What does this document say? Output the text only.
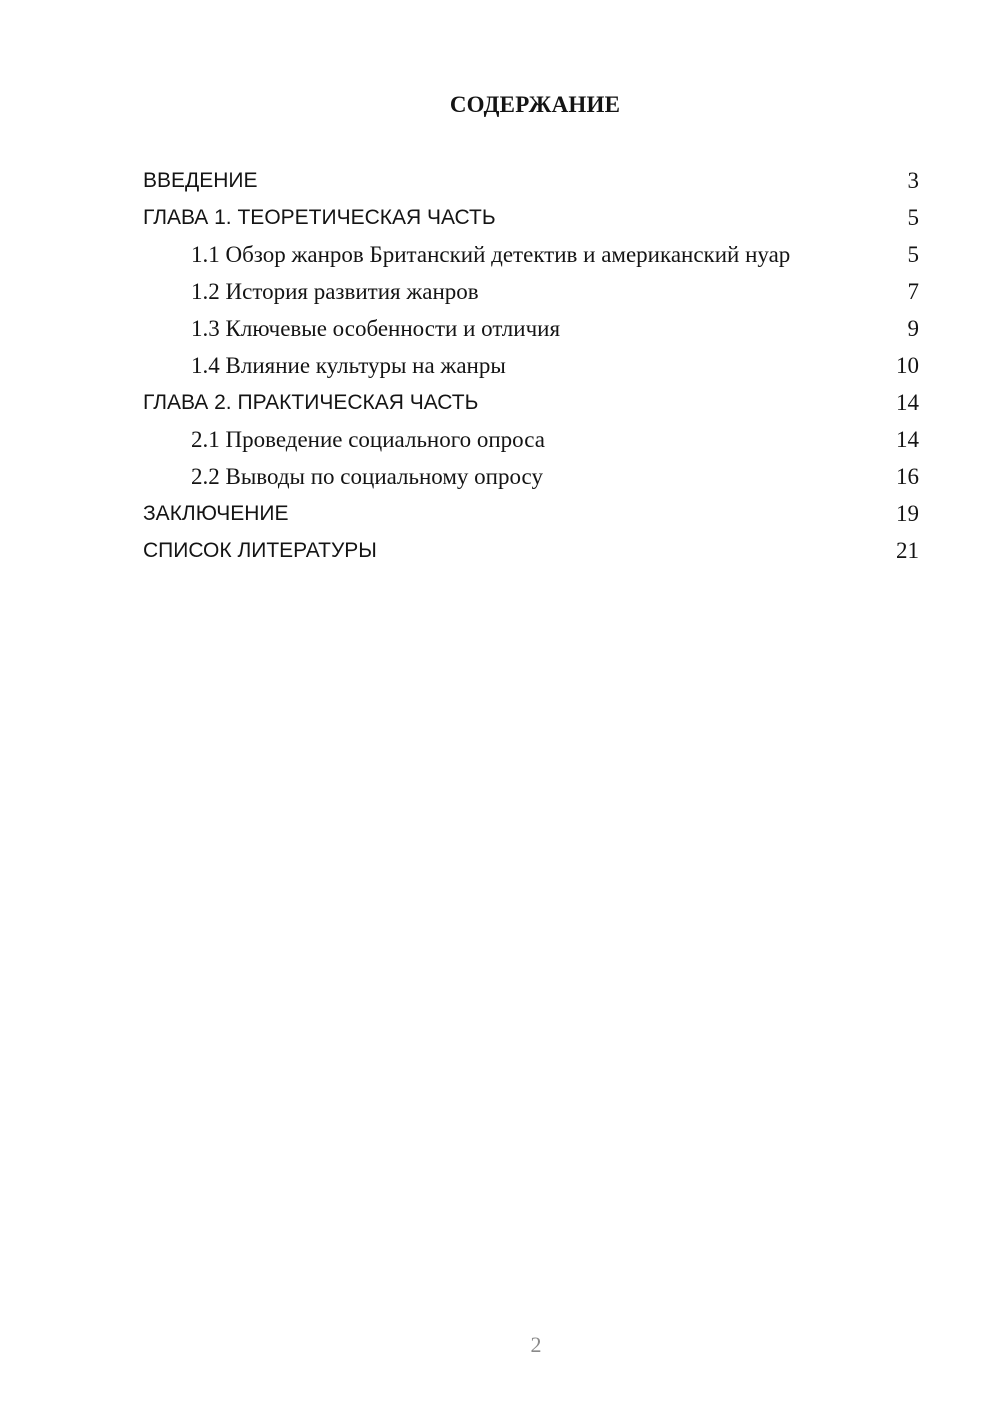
СОДЕРЖАНИЕ
ВВЕДЕНИЕ	3
ГЛАВА 1. ТЕОРЕТИЧЕСКАЯ ЧАСТЬ	5
1.1 Обзор жанров Британский детектив и американский нуар	5
1.2 История развития жанров	7
1.3 Ключевые особенности и отличия	9
1.4 Влияние культуры на жанры	10
ГЛАВА 2. ПРАКТИЧЕСКАЯ ЧАСТЬ	14
2.1 Проведение социального опроса	14
2.2 Выводы по социальному опросу	16
ЗАКЛЮЧЕНИЕ	19
СПИСОК ЛИТЕРАТУРЫ	21
2
